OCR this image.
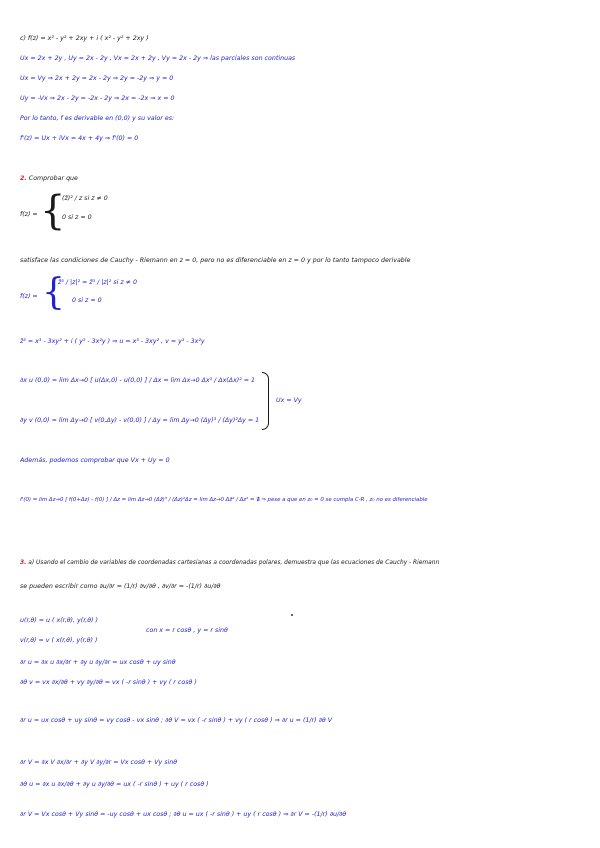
c) f(z) = x² - y² + 2xy + i ( x² - y² + 2xy )
Ux = 2x + 2y , Uy = 2x - 2y , Vx = 2x + 2y , Vy = 2x - 2y ⇒ las parciales son continuas
Ux = Vy ⇒ 2x + 2y = 2x - 2y ⇒ 2y = -2y ⇒ y = 0
Uy = -Vx ⇒ 2x - 2y = -2x - 2y ⇒ 2x = -2x ⇒ x = 0
Por lo tanto, f es derivable en (0,0) y su valor es:
f'(z) = Ux + iVx = 4x + 4y ⇒ f'(0) = 0
2. Comprobar que
f(z) = {
(z̄)² / z si z ≠ 0
0 si z = 0
satisface las condiciones de Cauchy - Riemann en z = 0, pero no es diferenciable en z = 0 y por lo tanto tampoco derivable
f(z) = {
z̄³ / |z|² = z̄³ / |z|² si z ≠ 0
0 si z = 0
z̄³ = x³ - 3xy² + i ( y³ - 3x²y ) ⇒ u = x³ - 3xy² , v = y³ - 3x²y
∂x u (0,0) = lim Δx→0 [ u(Δx,0) - u(0,0) ] / Δx = lim Δx→0 Δx³ / Δx(Δx)² = 1
∂y v (0,0) = lim Δy→0 [ v(0,Δy) - v(0,0) ] / Δy = lim Δy→0 (Δy)³ / (Δy)²Δy = 1
Ux = Vy
Además, podemos comprobar que Vx + Uy = 0
f'(0) = lim Δz→0 [ f(0+Δz) - f(0) ] / Δz = lim Δz→0 (Δz̄)³ / (Δz)²Δz = lim Δz→0 Δz̄² / Δz² = ∄ ⇒ pese a que en z₀ = 0 se cumpla C-R , z₀ no es diferenciable
3. a) Usando el cambio de variables de coordenadas cartesianas a coordenadas polares, demuestra que las ecuaciones de Cauchy - Riemann
se pueden escribir como ∂u/∂r = (1/r) ∂v/∂θ , ∂v/∂r = -(1/r) ∂u/∂θ
u(r,θ) = u ( x(r,θ), y(r,θ) )
v(r,θ) = v ( x(r,θ), y(r,θ) )
con x = r cosθ , y = r sinθ
∂r u = ∂x u ∂x/∂r + ∂y u ∂y/∂r = ux cosθ + uy sinθ
∂θ v = vx ∂x/∂θ + vy ∂y/∂θ = vx ( -r sinθ ) + vy ( r cosθ )
∂r u = ux cosθ + uy sinθ = vy cosθ - vx sinθ ; ∂θ V = vx ( -r sinθ ) + vy ( r cosθ ) ⇒ ∂r u = (1/r) ∂θ V
∂r V = ∂x V ∂x/∂r + ∂y V ∂y/∂r = Vx cosθ + Vy sinθ
∂θ u = ∂x u ∂x/∂θ + ∂y u ∂y/∂θ = ux ( -r sinθ ) + uy ( r cosθ )
∂r V = Vx cosθ + Vy sinθ = -uy cosθ + ux cosθ ; ∂θ u = ux ( -r sinθ ) + uy ( r cosθ ) ⇒ ∂r V = -(1/r) ∂u/∂θ
